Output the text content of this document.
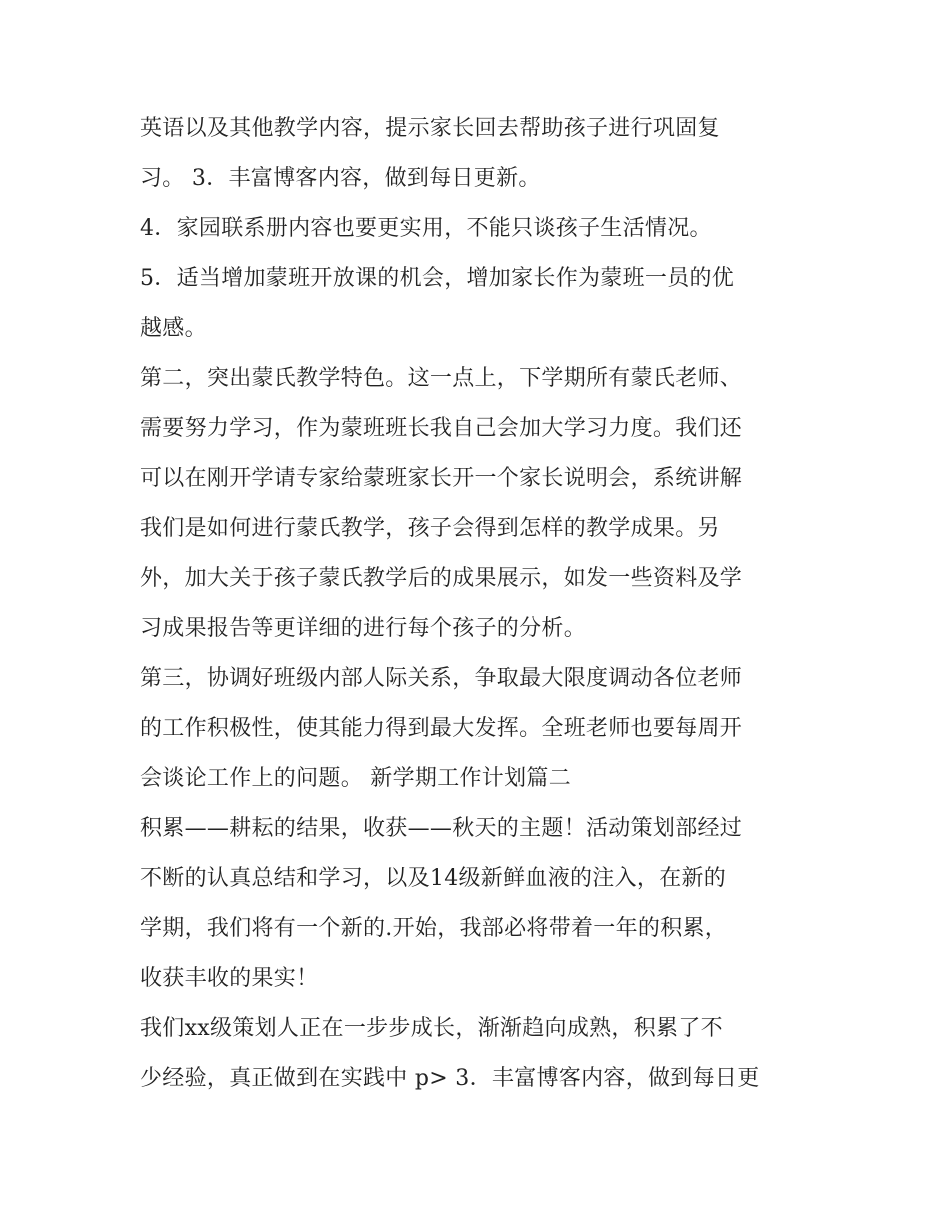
英语以及其他教学内容，提示家长回去帮助孩子进行巩固复
习。 3．丰富博客内容，做到每日更新。
4．家园联系册内容也要更实用，不能只谈孩子生活情况。
5．适当增加蒙班开放课的机会，增加家长作为蒙班一员的优
越感。
第二，突出蒙氏教学特色。这一点上，下学期所有蒙氏老师、
需要努力学习，作为蒙班班长我自己会加大学习力度。我们还
可以在刚开学请专家给蒙班家长开一个家长说明会，系统讲解
我们是如何进行蒙氏教学，孩子会得到怎样的教学成果。另
外，加大关于孩子蒙氏教学后的成果展示，如发一些资料及学
习成果报告等更详细的进行每个孩子的分析。
第三，协调好班级内部人际关系，争取最大限度调动各位老师
的工作积极性，使其能力得到最大发挥。全班老师也要每周开
会谈论工作上的问题。 新学期工作计划篇二
积累——耕耘的结果，收获——秋天的主题！活动策划部经过
不断的认真总结和学习，以及14级新鲜血液的注入，在新的
学期，我们将有一个新的.开始，我部必将带着一年的积累，
收获丰收的果实！
我们xx级策划人正在一步步成长，渐渐趋向成熟，积累了不
少经验，真正做到在实践中 p> 3．丰富博客内容，做到每日更
